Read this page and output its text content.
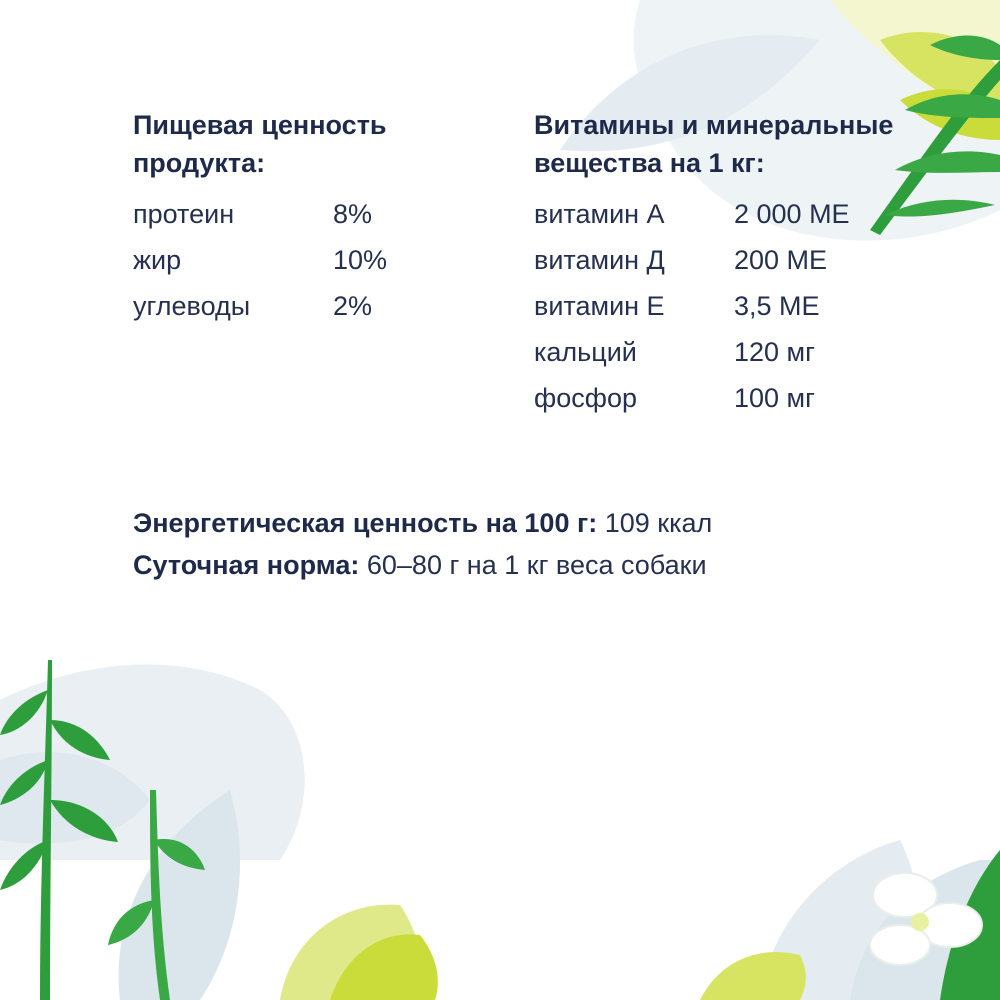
Пищевая ценность продукта:
протеин	8%
жир	10%
углеводы	2%
Витамины и минеральные вещества на 1 кг:
витамин А	2 000 МЕ
витамин Д	200 МЕ
витамин Е	3,5 МЕ
кальций	120 мг
фосфор	100 мг
Энергетическая ценность на 100 г: 109 ккал
Суточная норма: 60–80 г на 1 кг веса собаки
